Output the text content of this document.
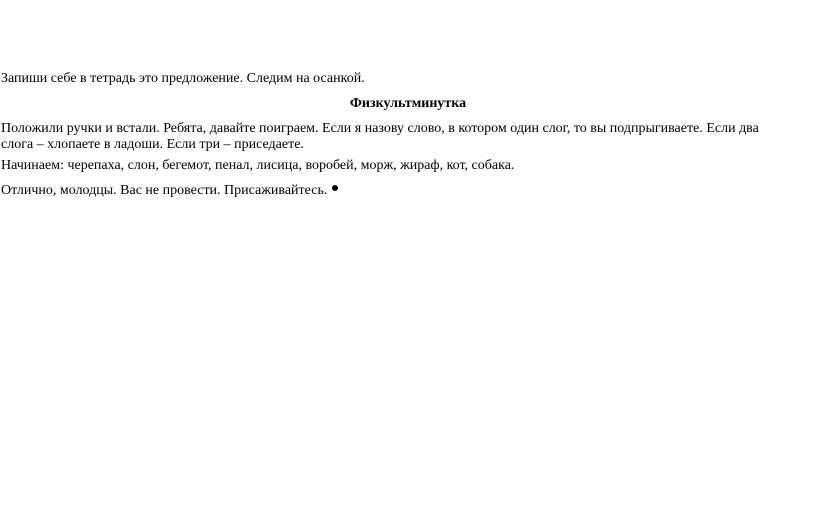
Запиши себе в тетрадь это предложение. Следим на осанкой.

Физкультминутка

Положили ручки и встали. Ребята, давайте поиграем. Если я назову слово, в котором один слог, то вы подпрыгиваете. Если два слога – хлопаете в ладоши. Если три – приседаете.

Начинаем: черепаха, слон, бегемот, пенал, лисица, воробей, морж, жираф, кот, собака.

Отлично, молодцы. Вас не провести. Присаживайтесь.
